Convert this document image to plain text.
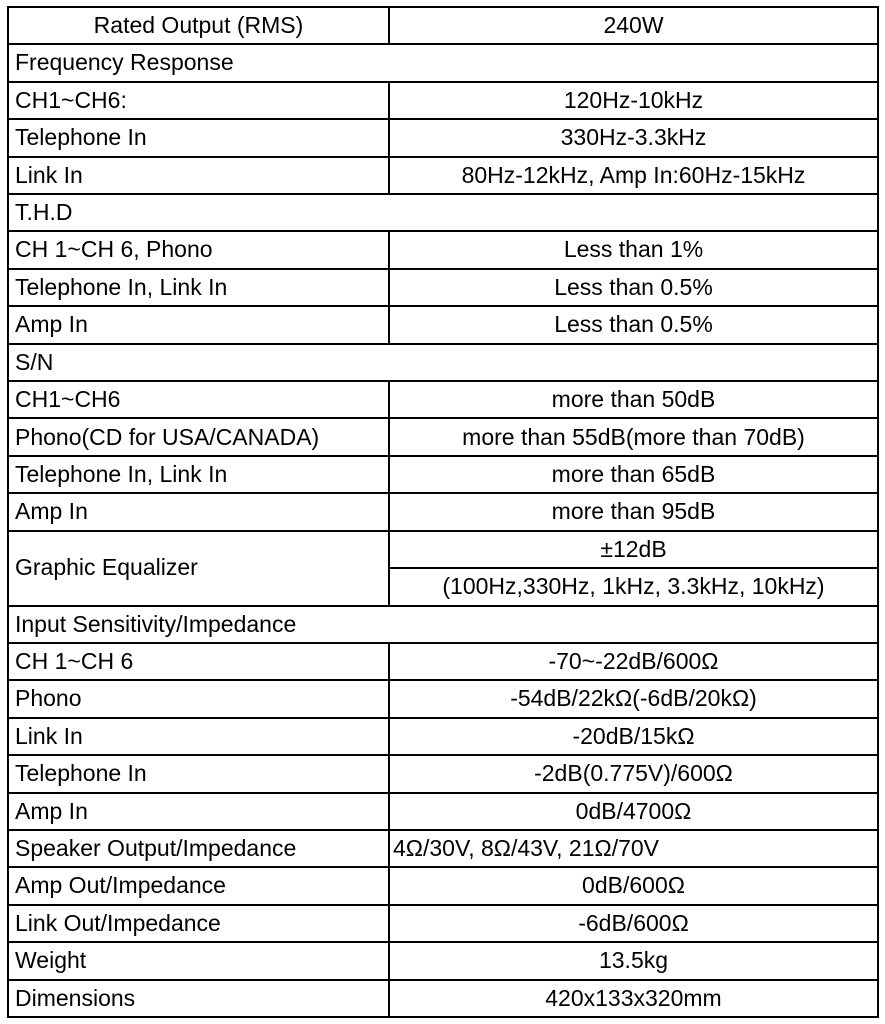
Rated Output (RMS)	240W
Frequency Response	
CH1~CH6:	120Hz-10kHz
Telephone In	330Hz-3.3kHz
Link In	80Hz-12kHz, Amp In:60Hz-15kHz
T.H.D	
CH 1~CH 6, Phono	Less than 1%
Telephone In, Link In	Less than 0.5%
Amp In	Less than 0.5%
S/N	
CH1~CH6	more than 50dB
Phono(CD for USA/CANADA)	more than 55dB(more than 70dB)
Telephone In, Link In	more than 65dB
Amp In	more than 95dB
Graphic Equalizer	±12dB
	(100Hz,330Hz, 1kHz, 3.3kHz, 10kHz)
Input Sensitivity/Impedance	
CH 1~CH 6	-70~-22dB/600Ω
Phono	-54dB/22kΩ(-6dB/20kΩ)
Link In	-20dB/15kΩ
Telephone In	-2dB(0.775V)/600Ω
Amp In	0dB/4700Ω
Speaker Output/Impedance	4Ω/30V, 8Ω/43V, 21Ω/70V
Amp Out/Impedance	0dB/600Ω
Link Out/Impedance	-6dB/600Ω
Weight	13.5kg
Dimensions	420x133x320mm
